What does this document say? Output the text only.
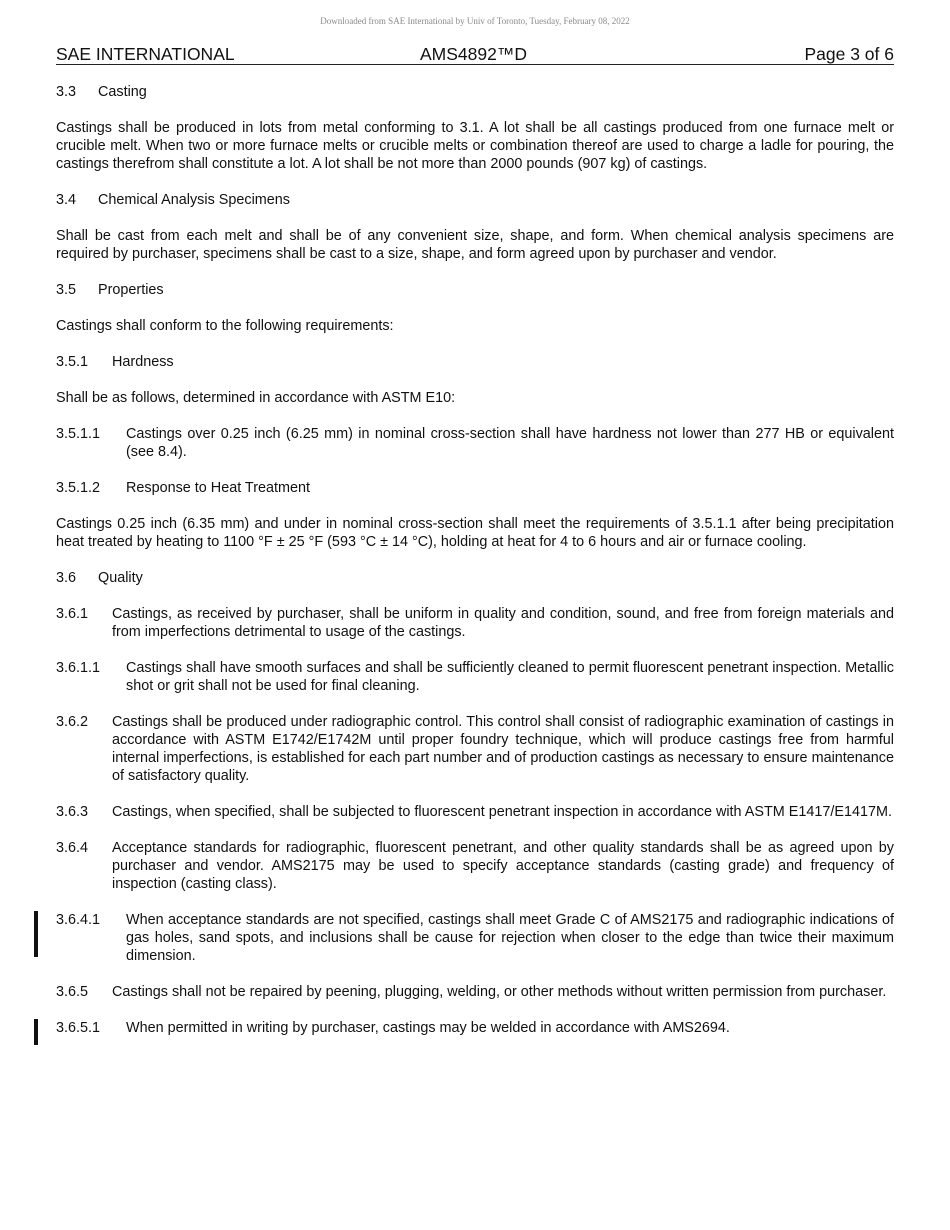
Downloaded from SAE International by Univ of Toronto, Tuesday, February 08, 2022
SAE INTERNATIONAL	AMS4892™D	Page 3 of 6
3.3 Casting

Castings shall be produced in lots from metal conforming to 3.1. A lot shall be all castings produced from one furnace melt or crucible melt. When two or more furnace melts or crucible melts or combination thereof are used to charge a ladle for pouring, the castings therefrom shall constitute a lot. A lot shall be not more than 2000 pounds (907 kg) of castings.

3.4 Chemical Analysis Specimens

Shall be cast from each melt and shall be of any convenient size, shape, and form. When chemical analysis specimens are required by purchaser, specimens shall be cast to a size, shape, and form agreed upon by purchaser and vendor.

3.5 Properties

Castings shall conform to the following requirements:

3.5.1 Hardness

Shall be as follows, determined in accordance with ASTM E10:

3.5.1.1 Castings over 0.25 inch (6.25 mm) in nominal cross-section shall have hardness not lower than 277 HB or equivalent (see 8.4).
3.5.1.2 Response to Heat Treatment

Castings 0.25 inch (6.35 mm) and under in nominal cross-section shall meet the requirements of 3.5.1.1 after being precipitation heat treated by heating to 1100 °F ± 25 °F (593 °C ± 14 °C), holding at heat for 4 to 6 hours and air or furnace cooling.

3.6 Quality
3.6.1 Castings, as received by purchaser, shall be uniform in quality and condition, sound, and free from foreign materials and from imperfections detrimental to usage of the castings.
3.6.1.1 Castings shall have smooth surfaces and shall be sufficiently cleaned to permit fluorescent penetrant inspection. Metallic shot or grit shall not be used for final cleaning.
3.6.2 Castings shall be produced under radiographic control. This control shall consist of radiographic examination of castings in accordance with ASTM E1742/E1742M until proper foundry technique, which will produce castings free from harmful internal imperfections, is established for each part number and of production castings as necessary to ensure maintenance of satisfactory quality.
3.6.3 Castings, when specified, shall be subjected to fluorescent penetrant inspection in accordance with ASTM E1417/E1417M.
3.6.4 Acceptance standards for radiographic, fluorescent penetrant, and other quality standards shall be as agreed upon by purchaser and vendor. AMS2175 may be used to specify acceptance standards (casting grade) and frequency of inspection (casting class).
3.6.4.1 When acceptance standards are not specified, castings shall meet Grade C of AMS2175 and radiographic indications of gas holes, sand spots, and inclusions shall be cause for rejection when closer to the edge than twice their maximum dimension.
3.6.5 Castings shall not be repaired by peening, plugging, welding, or other methods without written permission from purchaser.
3.6.5.1 When permitted in writing by purchaser, castings may be welded in accordance with AMS2694.
